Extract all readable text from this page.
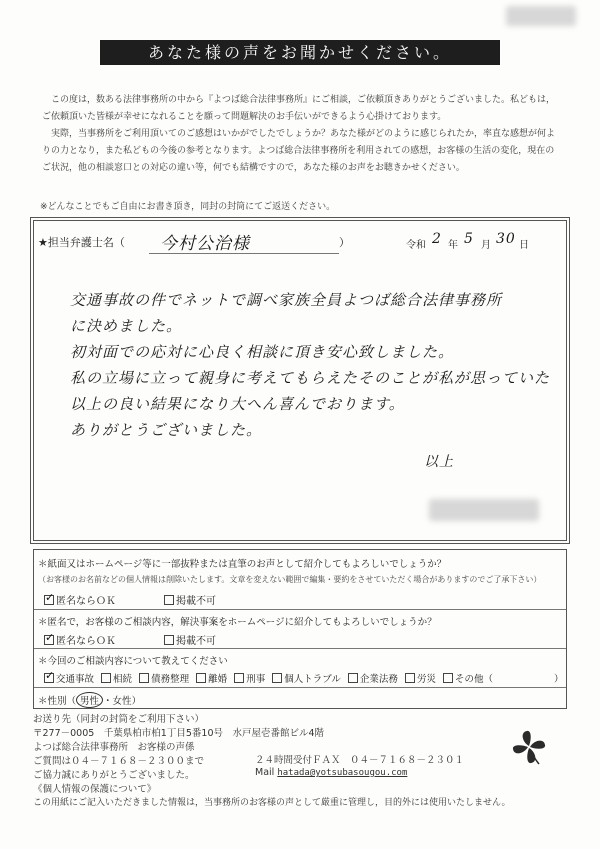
あなた様の声をお聞かせください。

この度は，数ある法律事務所の中から『よつば総合法律事務所』にご相談，ご依頼頂きありがとうございました。私どもは，ご依頼頂いた皆様が幸せになれることを願って問題解決のお手伝いができるよう心掛けております。

実際，当事務所をご利用頂いてのご感想はいかがでしたでしょうか？あなた様がどのように感じられたか，率直な感想が何よりの力となり，また私どもの今後の参考となります。よつば総合法律事務所を利用されての感想，お客様の生活の変化，現在のご状況，他の相談窓口との対応の違い等，何でも結構ですので，あなた様のお声をお聴きかせください。

※どんなことでもご自由にお書き頂き，同封の封筒にてご返送ください。
★担当弁護士名（ 今村公治様	）	令和 2 年 5 月 30 日
以上
交通事故の件でネットで調べ家族全員よつば総合法律事務所
に決めました。
初対面での応対に心良く相談に頂き安心致しました。
私の立場に立って親身に考えてもらえたそのことが私が思っていた
以上の良い結果になり大へん喜んでおります。
ありがとうございました。
＊紙面又はホームページ等に一部抜粋または直筆のお声として紹介してもよろしいでしょうか？
（お客様のお名前などの個人情報は削除いたします。文章を変えない範囲で編集・要約をさせていただく場合がありますのでご了承下さい）
✓ 匿名ならＯＫ	掲載不可
＊匿名で，お客様のご相談内容，解決事案をホームページに紹介してもよろしいでしょうか？
✓ 匿名ならＯＫ	掲載不可
＊今回のご相談内容について教えてください
✓ 交通事故 相続 債務整理 離婚 刑事 個人トラブル 企業法務 労災 その他（	）
＊性別（ 男性 ・女性）
お送り先（同封の封筒をご利用下さい）
〒277－0005　千葉県柏市柏1丁目5番10号　水戸屋壱番館ビル4階
よつば総合法律事務所　お客様の声係
ご質問は０４－７１６８－２３００まで	２４時間受付ＦＡＸ　０４－７１６８－２３０１
ご協力誠にありがとうございました。	Mail hatada@yotsubasougou.com
《個人情報の保護について》
この用紙にご記入いただきました情報は，当事務所のお客様の声として厳重に管理し，目的外には使用いたしません。
